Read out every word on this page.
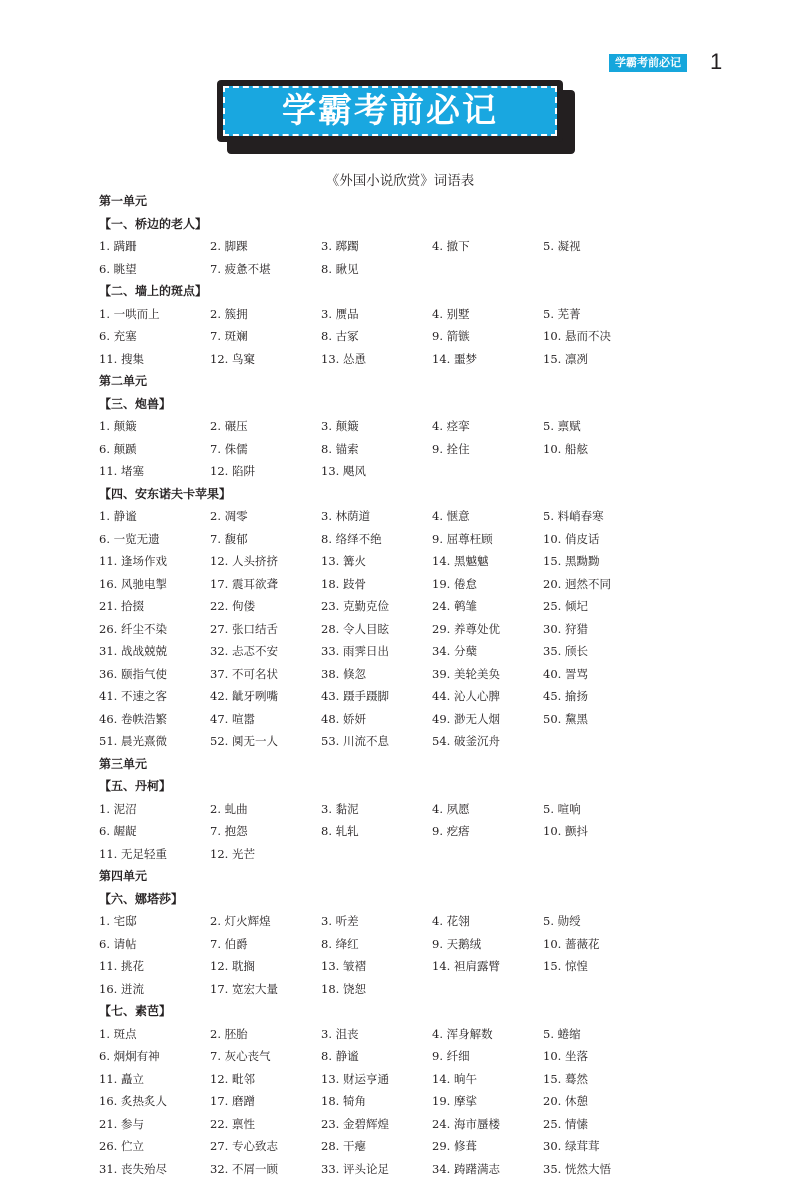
学霸考前必记 1
学霸考前必记
《外国小说欣赏》词语表
第一单元
【一、桥边的老人】
1. 蹒跚	2. 脚踝	3. 踯躅	4. 撤下	5. 凝视
6. 眺望	7. 疲惫不堪	8. 瞅见
【二、墙上的斑点】
1. 一哄而上	2. 簇拥	3. 赝品	4. 别墅	5. 芜菁
6. 充塞	7. 斑斓	8. 古冢	9. 箭镞	10. 悬而不决
11. 搜集	12. 鸟窠	13. 怂恿	14. 噩梦	15. 凛冽
第二单元
【三、炮兽】
1. 颠簸	2. 碾压	3. 颠簸	4. 痉挛	5. 禀赋
6. 颠踬	7. 侏儒	8. 锚索	9. 拴住	10. 船舷
11. 堵塞	12. 陷阱	13. 飓风
【四、安东诺夫卡苹果】
1. 静谧	2. 凋零	3. 林荫道	4. 惬意	5. 料峭春寒
6. 一览无遗	7. 馥郁	8. 络绎不绝	9. 屈尊枉顾	10. 俏皮话
11. 逢场作戏	12. 人头挤挤	13. 篝火	14. 黑魆魆	15. 黑黝黝
16. 风驰电掣	17. 震耳欲聋	18. 跂骨	19. 倦怠	20. 迥然不同
21. 拾掇	22. 佝偻	23. 克勤克俭	24. 鹌雏	25. 倾圮
26. 纤尘不染	27. 张口结舌	28. 令人目眩	29. 养尊处优	30. 狩猎
31. 战战兢兢	32. 忐忑不安	33. 雨霁日出	34. 分蘖	35. 颀长
36. 颐指气使	37. 不可名状	38. 倏忽	39. 美轮美奂	40. 詈骂
41. 不速之客	42. 龇牙咧嘴	43. 蹑手蹑脚	44. 沁人心脾	45. 揄扬
46. 卷帙浩繁	47. 喧嚣	48. 娇妍	49. 渺无人烟	50. 黧黑
51. 晨光熹微	52. 阒无一人	53. 川流不息	54. 破釜沉舟
第三单元
【五、丹柯】
1. 泥沼	2. 虬曲	3. 黏泥	4. 夙愿	5. 喧响
6. 龌龊	7. 抱怨	8. 轧轧	9. 疙瘩	10. 颤抖
11. 无足轻重	12. 光芒
第四单元
【六、娜塔莎】
1. 宅邸	2. 灯火辉煌	3. 听差	4. 花翎	5. 勋绶
6. 请帖	7. 伯爵	8. 绛红	9. 天鹅绒	10. 蔷薇花
11. 挑花	12. 耽搁	13. 皱褶	14. 袒肩露臂	15. 惊惶
16. 迸流	17. 宽宏大量	18. 饶恕
【七、素芭】
1. 斑点	2. 胚胎	3. 沮丧	4. 浑身解数	5. 蜷缩
6. 炯炯有神	7. 灰心丧气	8. 静谧	9. 纤细	10. 坐落
11. 矗立	12. 毗邻	13. 财运亨通	14. 晌午	15. 蓦然
16. 炙热炙人	17. 磨蹭	18. 犄角	19. 摩挲	20. 休憩
21. 参与	22. 禀性	23. 金碧辉煌	24. 海市蜃楼	25. 情愫
26. 伫立	27. 专心致志	28. 干瘪	29. 修葺	30. 绿茸茸
31. 丧失殆尽	32. 不屑一顾	33. 评头论足	34. 踌躇满志	35. 恍然大悟
